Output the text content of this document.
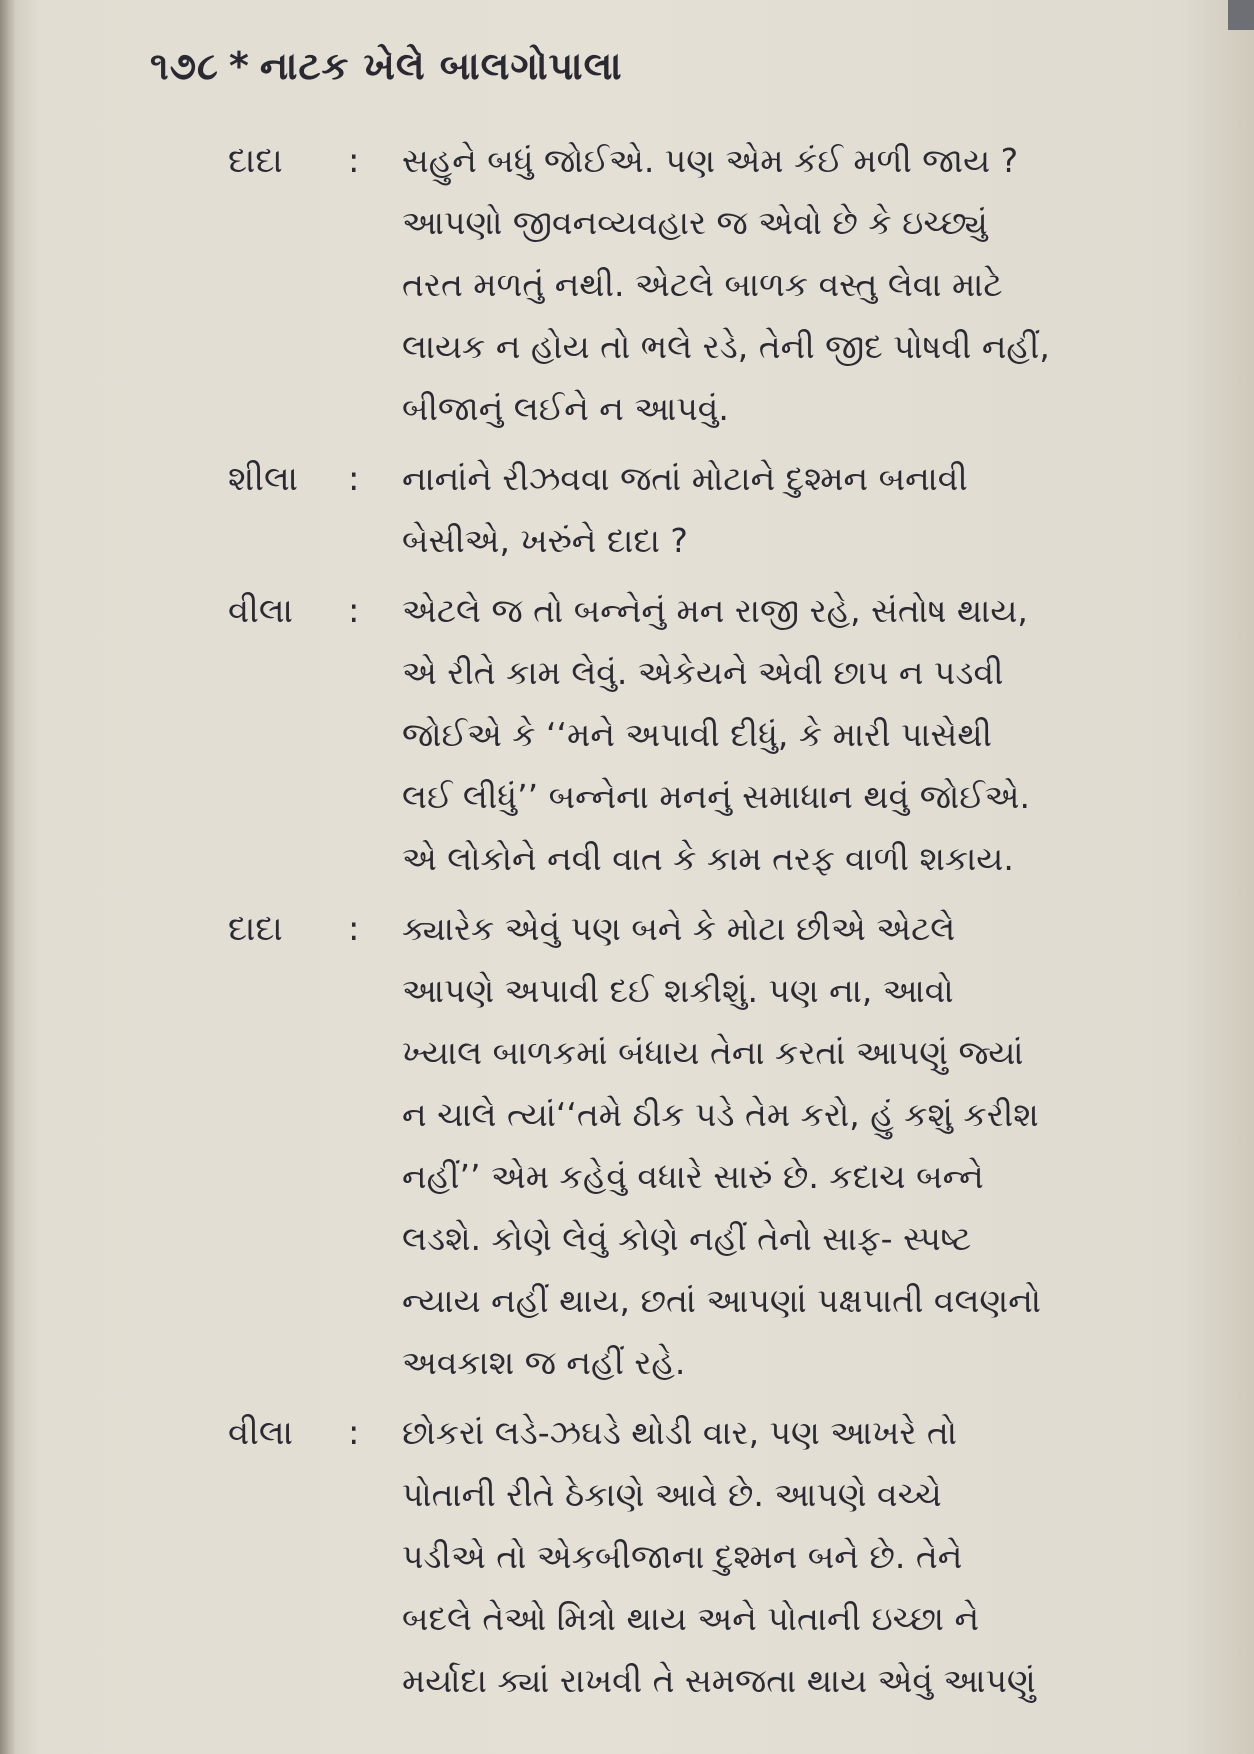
૧૭૮ * નાટક ખેલે બાલગોપાલા
દાદા	:	સહુને બધું જોઈએ. પણ એમ કંઈ મળી જાય ?
આપણો જીવનવ્યવહાર જ એવો છે કે ઇચ્છ્યું
તરત મળતું નથી. એટલે બાળક વસ્તુ લેવા માટે
લાયક ન હોય તો ભલે રડે, તેની જીદ પોષવી નહીં,
બીજાનું લઈને ન આપવું.
શીલા	:	નાનાંને રીઝવવા જતાં મોટાને દુશ્મન બનાવી
બેસીએ, ખરુંને દાદા ?
વીલા	:	એટલે જ તો બન્નેનું મન રાજી રહે, સંતોષ થાય,
એ રીતે કામ લેવું. એકેયને એવી છાપ ન પડવી
જોઈએ કે ‘‘મને અપાવી દીધું, કે મારી પાસેથી
લઈ લીધું’’ બન્નેના મનનું સમાધાન થવું જોઈએ.
એ લોકોને નવી વાત કે કામ તરફ વાળી શકાય.
દાદા	:	ક્યારેક એવું પણ બને કે મોટા છીએ એટલે
આપણે અપાવી દઈ શકીશું. પણ ના, આવો
ખ્યાલ બાળકમાં બંધાય તેના કરતાં આપણું જ્યાં
ન ચાલે ત્યાં‘‘તમે ઠીક પડે તેમ કરો, હું કશું કરીશ
નહીં’’ એમ કહેવું વધારે સારું છે. કદાચ બન્ને
લડશે. કોણે લેવું કોણે નહીં તેનો સાફ- સ્પષ્ટ
ન્યાય નહીં થાય, છતાં આપણાં પક્ષપાતી વલણનો
અવકાશ જ નહીં રહે.
વીલા	:	છોકરાં લડે-ઝઘડે થોડી વાર, પણ આખરે તો
પોતાની રીતે ઠેકાણે આવે છે. આપણે વચ્ચે
પડીએ તો એકબીજાના દુશ્મન બને છે. તેને
બદલે તેઓ મિત્રો થાય અને પોતાની ઇચ્છા ને
મર્યાદા ક્યાં રાખવી તે સમજતા થાય એવું આપણું
